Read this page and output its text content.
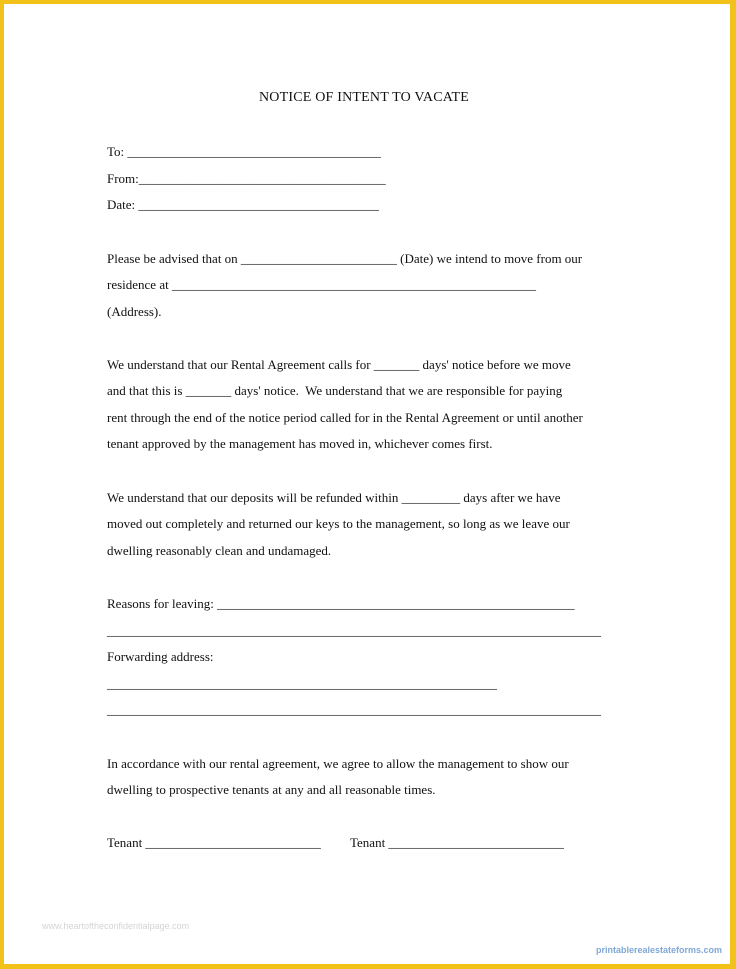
NOTICE OF INTENT TO VACATE
To: _______________________________________
From:______________________________________
Date: _____________________________________
Please be advised that on ________________________ (Date) we intend to move from our
residence at ________________________________________________________
(Address).
We understand that our Rental Agreement calls for _______ days' notice before we move
and that this is _______ days' notice.  We understand that we are responsible for paying
rent through the end of the notice period called for in the Rental Agreement or until another
tenant approved by the management has moved in, whichever comes first.
We understand that our deposits will be refunded within _________ days after we have
moved out completely and returned our keys to the management, so long as we leave our
dwelling reasonably clean and undamaged.
Reasons for leaving: _______________________________________________________
____________________________________________________________________________
Forwarding address:
____________________________________________________________
____________________________________________________________________________
In accordance with our rental agreement, we agree to allow the management to show our
dwelling to prospective tenants at any and all reasonable times.
Tenant ___________________________ Tenant ___________________________
www.heartoftheconfidentialpage.com
printablerealestateforms.com
